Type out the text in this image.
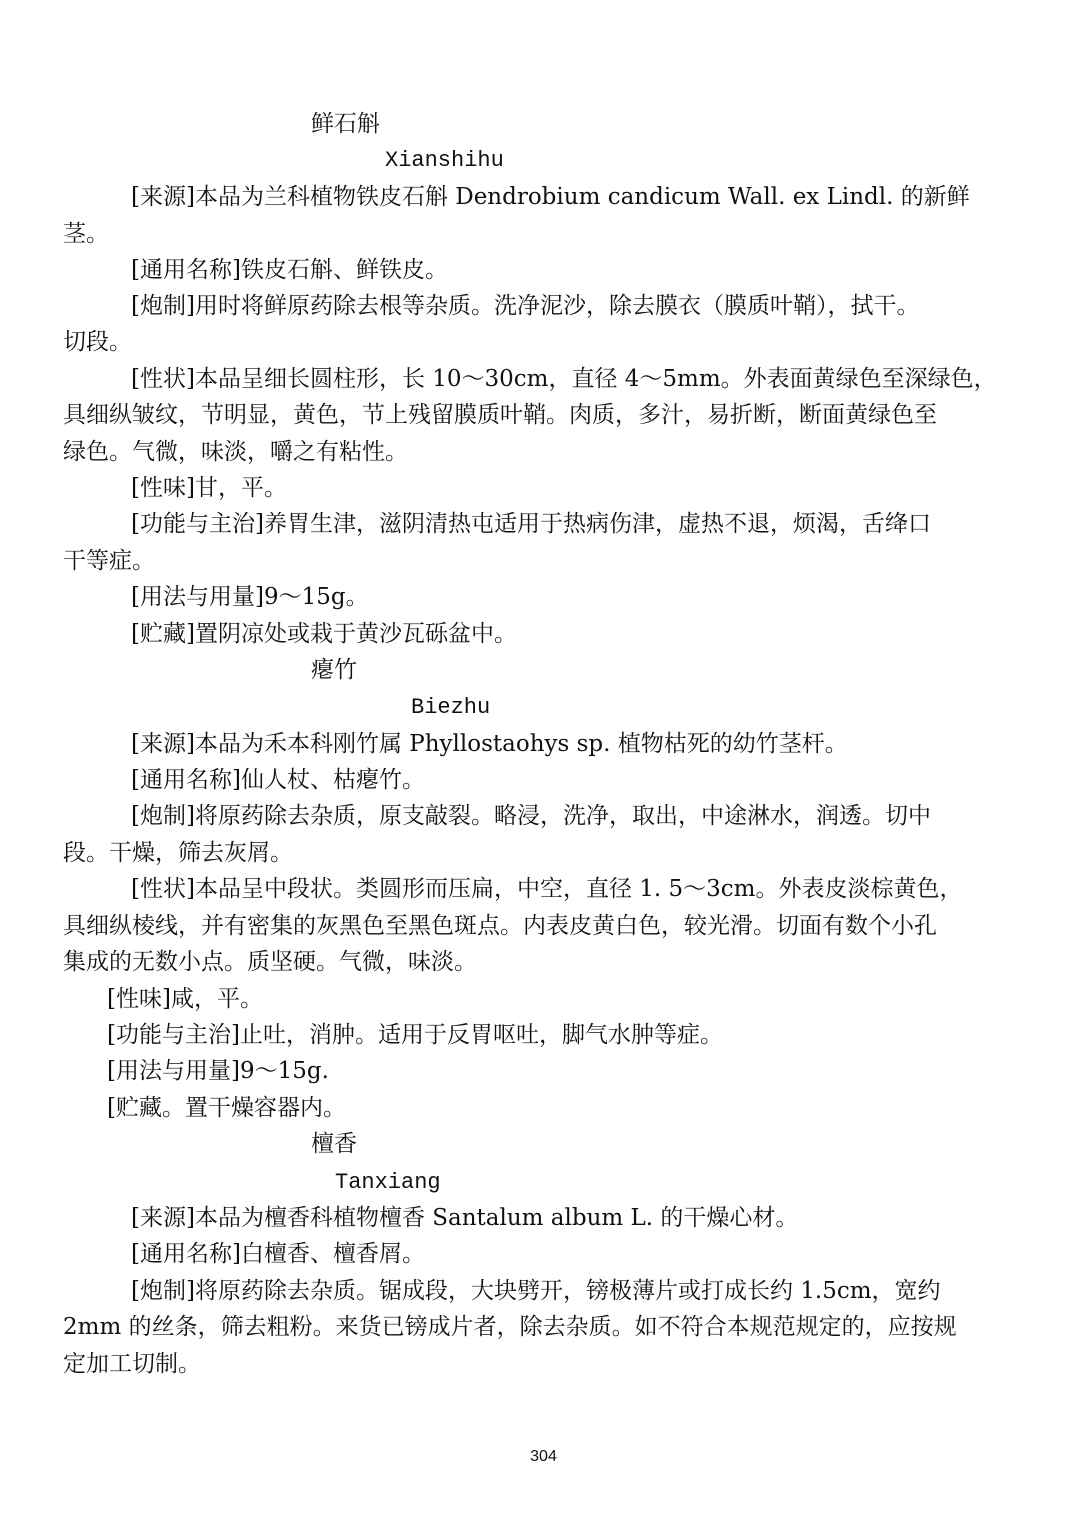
鲜石斛
Xianshihu
[来源]本品为兰科植物铁皮石斛 Dendrobium candicum Wall. ex Lindl. 的新鲜
茎。
[通用名称]铁皮石斛、鲜铁皮。
[炮制]用时将鲜原药除去根等杂质。洗净泥沙，除去膜衣（膜质叶鞘），拭干。
切段。
[性状]本品呈细长圆柱形，长 10～30cm，直径 4～5mm。外表面黄绿色至深绿色，
具细纵皱纹，节明显，黄色，节上残留膜质叶鞘。肉质，多汁，易折断，断面黄绿色至
绿色。气微，味淡，嚼之有粘性。
[性味]甘，平。
[功能与主治]养胃生津，滋阴清热屯适用于热病伤津，虚热不退，烦渴，舌绛口
干等症。
[用法与用量]9～15g。
[贮藏]置阴凉处或栽于黄沙瓦砾盆中。
瘪竹
Biezhu
[来源]本品为禾本科刚竹属 Phyllostaohys sp. 植物枯死的幼竹茎杆。
[通用名称]仙人杖、枯瘪竹。
[炮制]将原药除去杂质，原支敲裂。略浸，洗净，取出，中途淋水，润透。切中
段。干燥，筛去灰屑。
[性状]本品呈中段状。类圆形而压扁，中空，直径 1. 5～3cm。外表皮淡棕黄色，
具细纵棱线，并有密集的灰黑色至黑色斑点。内表皮黄白色，较光滑。切面有数个小孔
集成的无数小点。质坚硬。气微，味淡。
[性味]咸，平。
[功能与主治]止吐，消肿。适用于反胃呕吐，脚气水肿等症。
[用法与用量]9～15g.
[贮藏。置干燥容器内。
檀香
Tanxiang
[来源]本品为檀香科植物檀香 Santalum album L. 的干燥心材。
[通用名称]白檀香、檀香屑。
[炮制]将原药除去杂质。锯成段，大块劈开，镑极薄片或打成长约 1.5cm，宽约
2mm 的丝条，筛去粗粉。来货已镑成片者，除去杂质。如不符合本规范规定的，应按规
定加工切制。
304
